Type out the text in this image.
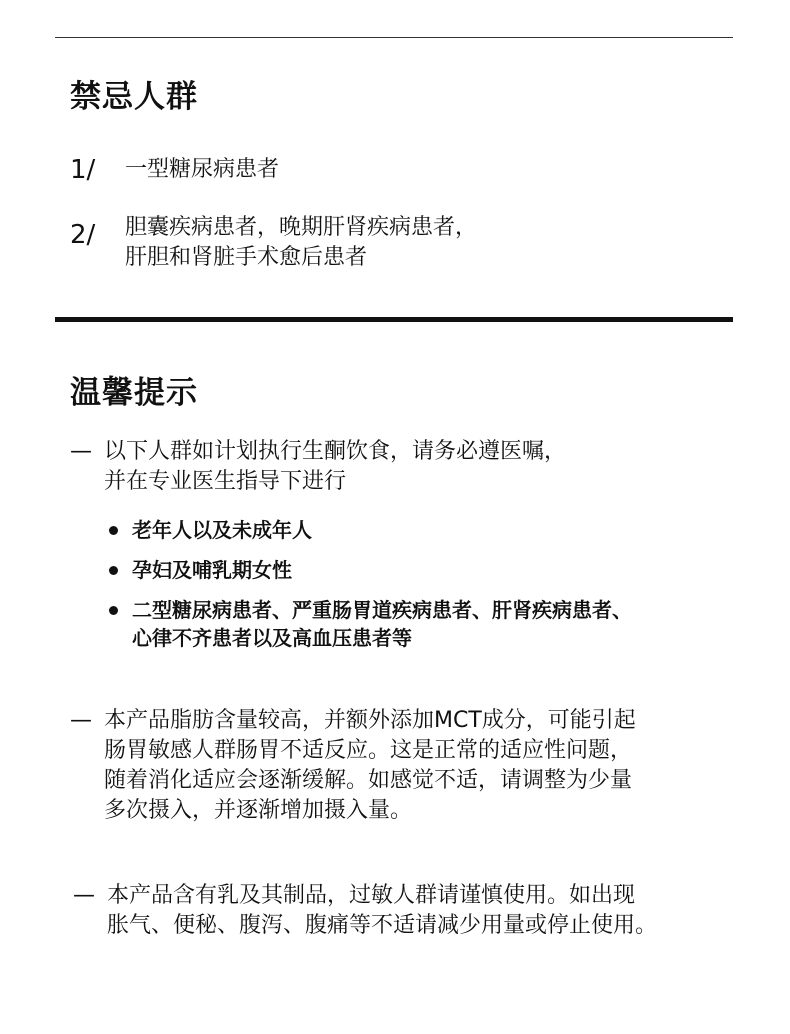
禁忌人群
1/ 一型糖尿病患者

2/ 胆囊疾病患者，晚期肝肾疾病患者，
肝胆和肾脏手术愈后患者

温馨提示
— 以下人群如计划执行生酮饮食，请务必遵医嘱，
并在专业医生指导下进行

老年人以及未成年人

孕妇及哺乳期女性

二型糖尿病患者、严重肠胃道疾病患者、肝肾疾病患者、
心律不齐患者以及高血压患者等

— 本产品脂肪含量较高，并额外添加MCT成分，可能引起
肠胃敏感人群肠胃不适反应。这是正常的适应性问题，
随着消化适应会逐渐缓解。如感觉不适，请调整为少量
多次摄入，并逐渐增加摄入量。

— 本产品含有乳及其制品，过敏人群请谨慎使用。如出现
胀气、便秘、腹泻、腹痛等不适请减少用量或停止使用。
